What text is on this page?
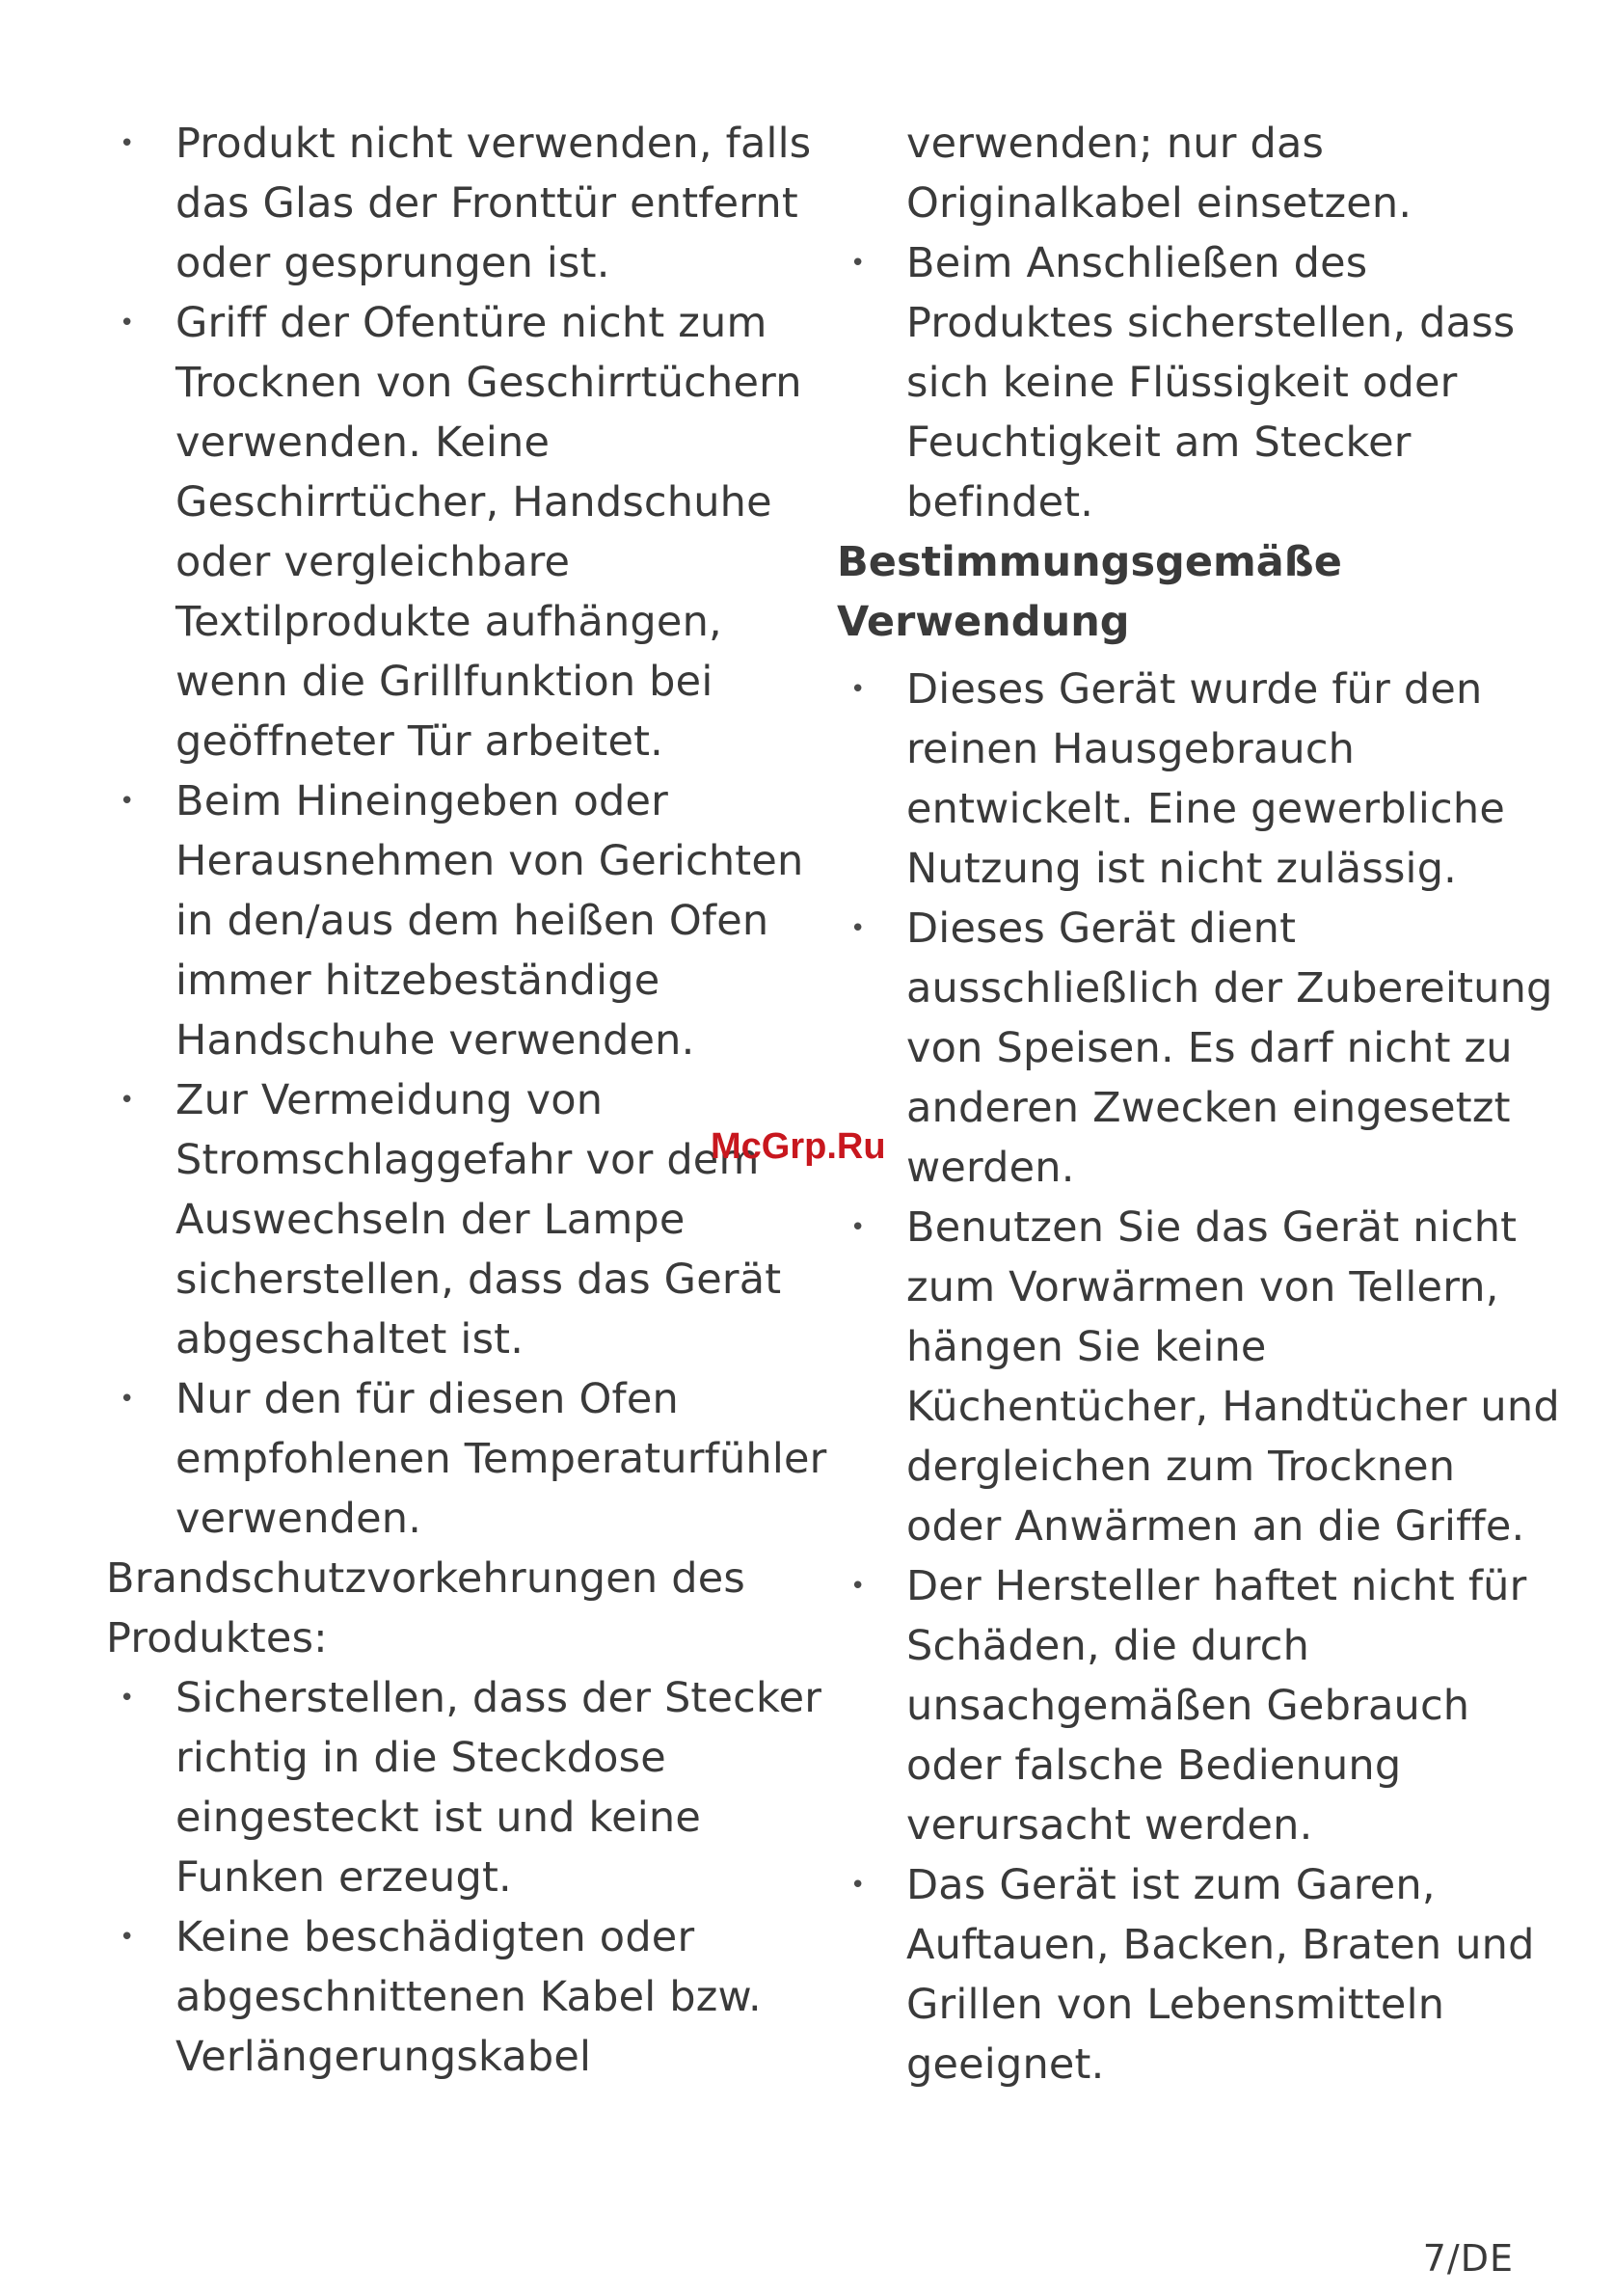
• Produkt nicht verwenden, falls
das Glas der Fronttür entfernt
oder gesprungen ist.
• Griff der Ofentüre nicht zum
Trocknen von Geschirrtüchern
verwenden. Keine
Geschirrtücher, Handschuhe
oder vergleichbare
Textilprodukte aufhängen,
wenn die Grillfunktion bei
geöffneter Tür arbeitet.
• Beim Hineingeben oder
Herausnehmen von Gerichten
in den/aus dem heißen Ofen
immer hitzebeständige
Handschuhe verwenden.
• Zur Vermeidung von
Stromschlaggefahr vor dem
Auswechseln der Lampe
sicherstellen, dass das Gerät
abgeschaltet ist.
• Nur den für diesen Ofen
empfohlenen Temperaturfühler
verwenden.
Brandschutzvorkehrungen des
Produktes:
• Sicherstellen, dass der Stecker
richtig in die Steckdose
eingesteckt ist und keine
Funken erzeugt.
• Keine beschädigten oder
abgeschnittenen Kabel bzw.
Verlängerungskabel
verwenden; nur das
Originalkabel einsetzen.
• Beim Anschließen des
Produktes sicherstellen, dass
sich keine Flüssigkeit oder
Feuchtigkeit am Stecker
befindet.
Bestimmungsgemäße
Verwendung
• Dieses Gerät wurde für den
reinen Hausgebrauch
entwickelt. Eine gewerbliche
Nutzung ist nicht zulässig.
• Dieses Gerät dient
ausschließlich der Zubereitung
von Speisen. Es darf nicht zu
anderen Zwecken eingesetzt
werden.
• Benutzen Sie das Gerät nicht
zum Vorwärmen von Tellern,
hängen Sie keine
Küchentücher, Handtücher und
dergleichen zum Trocknen
oder Anwärmen an die Griffe.
• Der Hersteller haftet nicht für
Schäden, die durch
unsachgemäßen Gebrauch
oder falsche Bedienung
verursacht werden.
• Das Gerät ist zum Garen,
Auftauen, Backen, Braten und
Grillen von Lebensmitteln
geeignet.
McGrp.Ru
7/DE
